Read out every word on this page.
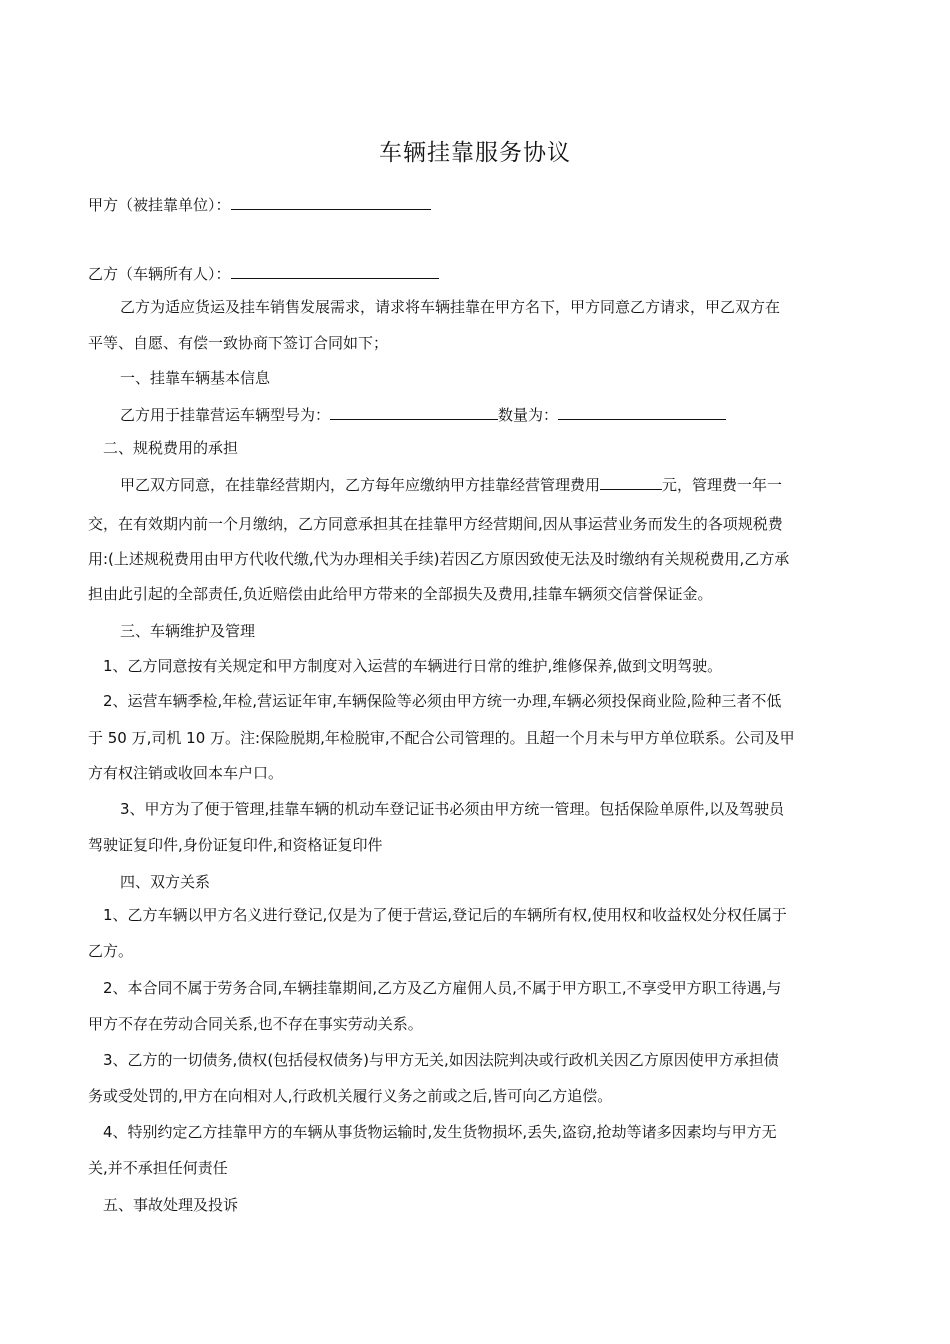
车辆挂靠服务协议
甲方（被挂靠单位）：
乙方（车辆所有人）：
乙方为适应货运及挂车销售发展需求，请求将车辆挂靠在甲方名下，甲方同意乙方请求，甲乙双方在
平等、自愿、有偿一致协商下签订合同如下；
一、挂靠车辆基本信息
乙方用于挂靠营运车辆型号为：	数量为：
二、规税费用的承担
甲乙双方同意，在挂靠经营期内，乙方每年应缴纳甲方挂靠经营管理费用	元，管理费一年一
交，在有效期内前一个月缴纳，乙方同意承担其在挂靠甲方经营期间,因从事运营业务而发生的各项规税费
用:(上述规税费用由甲方代收代缴,代为办理相关手续)若因乙方原因致使无法及时缴纳有关规税费用,乙方承
担由此引起的全部责任,负近赔偿由此给甲方带来的全部损失及费用,挂靠车辆须交信誉保证金。
三、车辆维护及管理
1、乙方同意按有关规定和甲方制度对入运营的车辆进行日常的维护,维修保养,做到文明驾驶。
2、运营车辆季检,年检,营运证年审,车辆保险等必须由甲方统一办理,车辆必须投保商业险,险种三者不低
于 50 万,司机 10 万。注:保险脱期,年检脱审,不配合公司管理的。且超一个月未与甲方单位联系。公司及甲
方有权注销或收回本车户口。
3、甲方为了便于管理,挂靠车辆的机动车登记证书必须由甲方统一管理。包括保险单原件,以及驾驶员
驾驶证复印件,身份证复印件,和资格证复印件
四、双方关系
1、乙方车辆以甲方名义进行登记,仅是为了便于营运,登记后的车辆所有权,使用权和收益权处分权任属于
乙方。
2、本合同不属于劳务合同,车辆挂靠期间,乙方及乙方雇佣人员,不属于甲方职工,不享受甲方职工待遇,与
甲方不存在劳动合同关系,也不存在事实劳动关系。
3、乙方的一切债务,债权(包括侵权债务)与甲方无关,如因法院判决或行政机关因乙方原因使甲方承担债
务或受处罚的,甲方在向相对人,行政机关履行义务之前或之后,皆可向乙方追偿。
4、特别约定乙方挂靠甲方的车辆从事货物运输时,发生货物损坏,丢失,盗窃,抢劫等诸多因素均与甲方无
关,并不承担任何责任
五、事故处理及投诉
